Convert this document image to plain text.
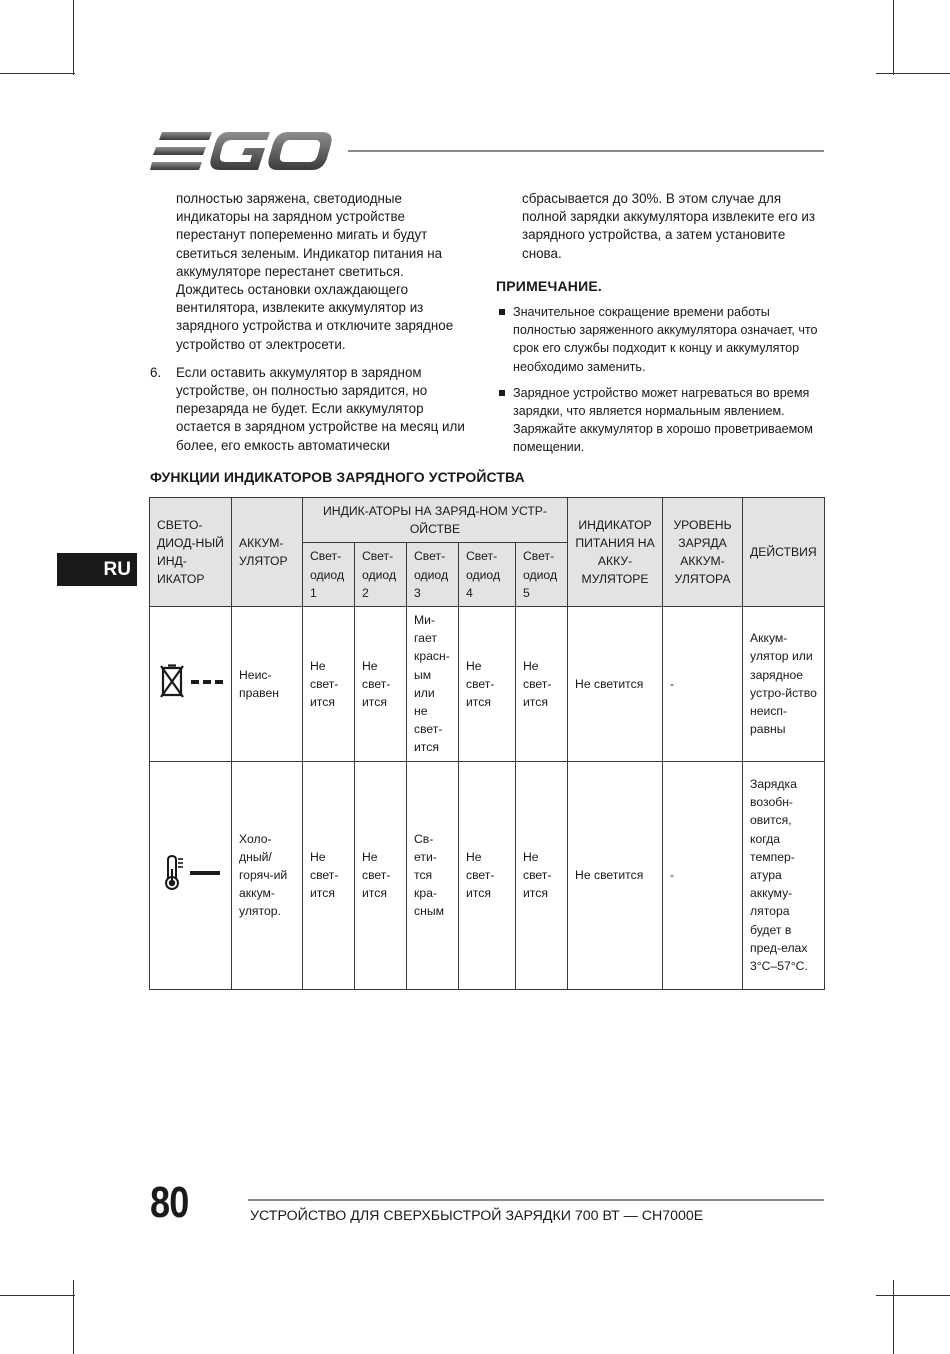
полностью заряжена, светодиодные индикаторы на зарядном устройстве перестанут попеременно мигать и будут светиться зеленым. Индикатор питания на аккумуляторе перестанет светиться. Дождитесь остановки охлаждающего вентилятора, извлеките аккумулятор из зарядного устройства и отключите зарядное устройство от электросети.

6. Если оставить аккумулятор в зарядном устройстве, он полностью зарядится, но перезаряда не будет. Если аккумулятор остается в зарядном устройстве на месяц или более, его емкость автоматически

сбрасывается до 30%. В этом случае для полной зарядки аккумулятора извлеките его из зарядного устройства, а затем установите снова.

ПРИМЕЧАНИЕ.

Значительное сокращение времени работы полностью заряженного аккумулятора означает, что срок его службы подходит к концу и аккумулятор необходимо заменить.

Зарядное устройство может нагреваться во время зарядки, что является нормальным явлением. Заряжайте аккумулятор в хорошо проветриваемом помещении.

RU
ФУНКЦИИ ИНДИКАТОРОВ ЗАРЯДНОГО УСТРОЙСТВА
СВЕТО-ДИОД-НЫЙ ИНД-ИКАТОР	АККУМ-УЛЯТОР	ИНДИК-АТОРЫ НА ЗАРЯД-НОМ УСТР-ОЙСТВЕ					ИНДИКАТОР ПИТАНИЯ НА АККУ-МУЛЯТОРЕ	УРОВЕНЬ ЗАРЯДА АККУМ-УЛЯТОРА	ДЕЙСТВИЯ
		Свет-одиод 1	Свет-одиод 2	Свет-одиод 3	Свет-одиод 4	Свет-одиод 5			
	Неис-правен	Не свет-ится	Не свет-ится	Ми-гает красн-ым или не свет-ится	Не свет-ится	Не свет-ится	Не светится	-	Аккум-улятор или зарядное устро-йство неисп-равны
	Холо-дный/ горяч-ий аккум-улятор.	Не свет-ится	Не свет-ится	Св-ети-тся кра-сным	Не свет-ится	Не свет-ится	Не светится	-	Зарядка возобн-овится, когда темпер-атура аккуму-лятора будет в пред-елах 3°C–57°C.
80	УСТРОЙСТВО ДЛЯ СВЕРХБЫСТРОЙ ЗАРЯДКИ 700 ВТ — CH7000E
